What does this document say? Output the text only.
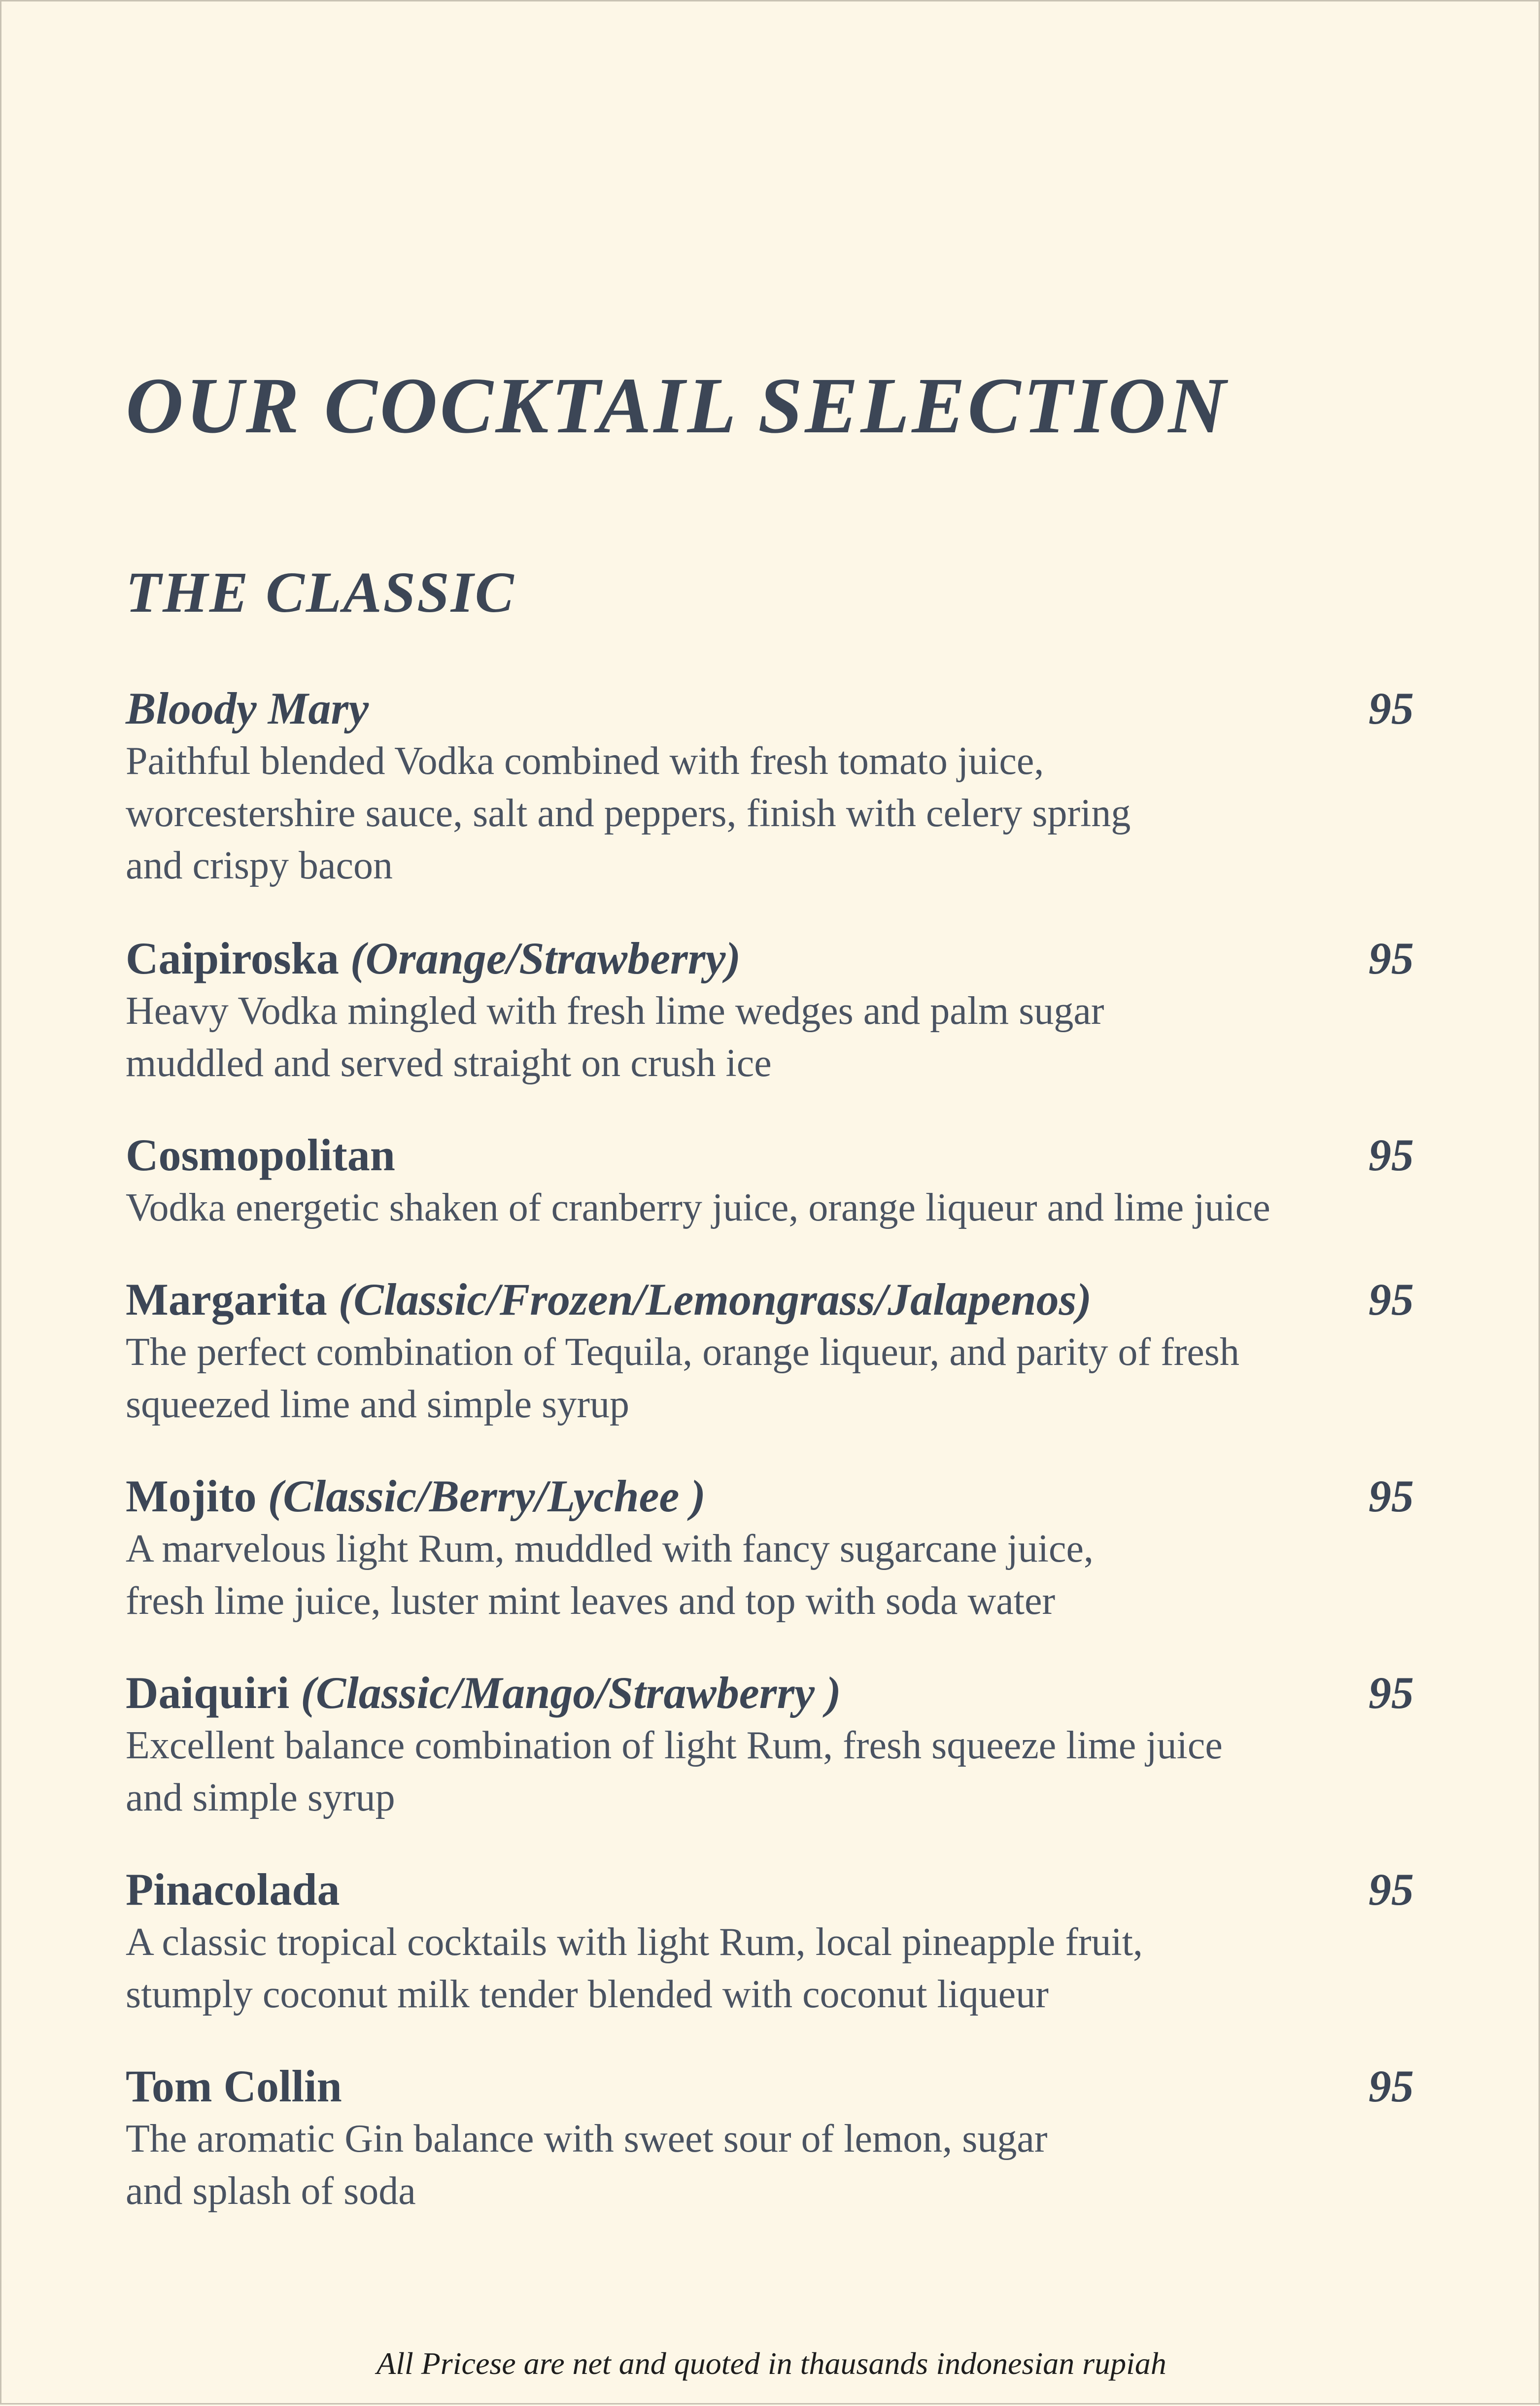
OUR COCKTAIL SELECTION
THE CLASSIC
Bloody Mary	95
Paithful blended Vodka combined with fresh tomato juice,
worcestershire sauce, salt and peppers, finish with celery spring
and crispy bacon
Caipiroska (Orange/Strawberry)	95
Heavy Vodka mingled with fresh lime wedges and palm sugar
muddled and served straight on crush ice
Cosmopolitan	95
Vodka energetic shaken of cranberry juice, orange liqueur and lime juice
Margarita (Classic/Frozen/Lemongrass/Jalapenos)	95
The perfect combination of Tequila, orange liqueur, and parity of fresh
squeezed lime and simple syrup
Mojito (Classic/Berry/Lychee )	95
A marvelous light Rum, muddled with fancy sugarcane juice,
fresh lime juice, luster mint leaves and top with soda water
Daiquiri (Classic/Mango/Strawberry )	95
Excellent balance combination of light Rum, fresh squeeze lime juice
and simple syrup
Pinacolada	95
A classic tropical cocktails with light Rum, local pineapple fruit,
stumply coconut milk tender blended with coconut liqueur
Tom Collin	95
The aromatic Gin balance with sweet sour of lemon, sugar
and splash of soda

All Pricese are net and quoted in thausands indonesian rupiah
